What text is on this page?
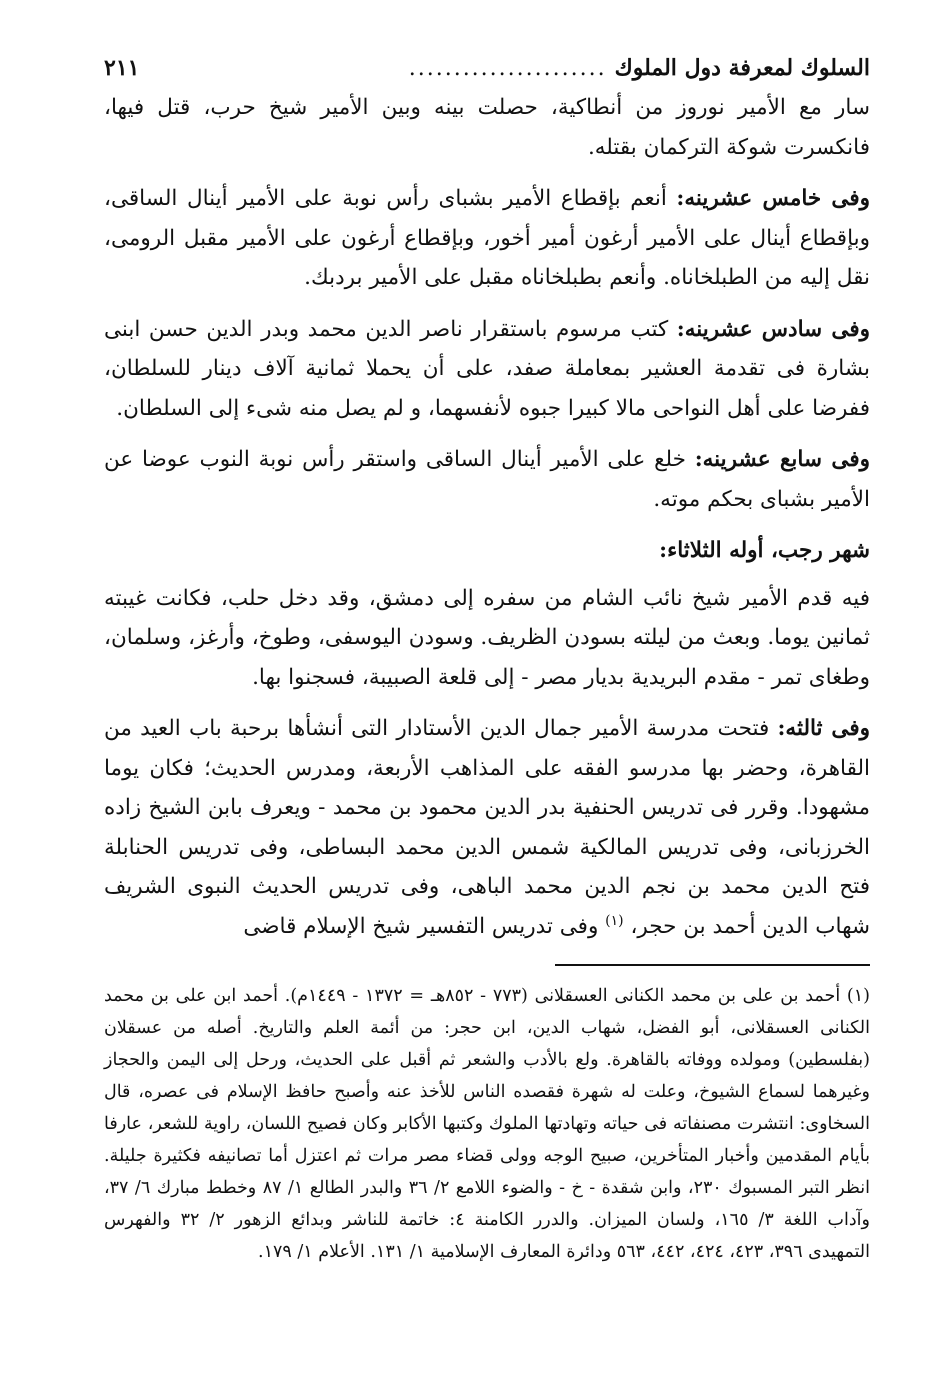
السلوك لمعرفة دول الملوك
......................
٢١١

سار مع الأمير نوروز من أنطاكية، حصلت بينه وبين الأمير شيخ حرب، قتل فيها، فانكسرت شوكة التركمان بقتله.

وفى خامس عشرينه: أنعم بإقطاع الأمير بشباى رأس نوبة على الأمير أينال الساقى، وبإقطاع أينال على الأمير أرغون أمير أخور، وبإقطاع أرغون على الأمير مقبل الرومى، نقل إليه من الطبلخاناه. وأنعم بطبلخاناه مقبل على الأمير بردبك.

وفى سادس عشرينه: كتب مرسوم باستقرار ناصر الدين محمد وبدر الدين حسن ابنى بشارة فى تقدمة العشير بمعاملة صفد، على أن يحملا ثمانية آلاف دينار للسلطان، ففرضا على أهل النواحى مالا كبيرا جبوه لأنفسهما، و لم يصل منه شىء إلى السلطان.

وفى سابع عشرينه: خلع على الأمير أينال الساقى واستقر رأس نوبة النوب عوضا عن الأمير بشباى بحكم موته.

شهر رجب، أوله الثلاثاء:

فيه قدم الأمير شيخ نائب الشام من سفره إلى دمشق، وقد دخل حلب، فكانت غيبته ثمانين يوما. وبعث من ليلته بسودن الظريف. وسودن اليوسفى، وطوخ، وأرغز، وسلمان، وطغاى تمر - مقدم البريدية بديار مصر - إلى قلعة الصبيبة، فسجنوا بها.

وفى ثالثه: فتحت مدرسة الأمير جمال الدين الأستادار التى أنشأها برحبة باب العيد من القاهرة، وحضر بها مدرسو الفقه على المذاهب الأربعة، ومدرس الحديث؛ فكان يوما مشهودا. وقرر فى تدريس الحنفية بدر الدين محمود بن محمد - ويعرف بابن الشيخ زاده الخرزبانى، وفى تدريس المالكية شمس الدين محمد البساطى، وفى تدريس الحنابلة فتح الدين محمد بن نجم الدين محمد الباهى، وفى تدريس الحديث النبوى الشريف شهاب الدين أحمد بن حجر، $^{(١)}$ وفى تدريس التفسير شيخ الإسلام قاضى

(١) أحمد بن على بن محمد الكنانى العسقلانى (٧٧٣ - ٨٥٢هـ = ١٣٧٢ - ١٤٤٩م). أحمد ابن على بن محمد الكنانى العسقلانى، أبو الفضل، شهاب الدين، ابن حجر: من أئمة العلم والتاريخ. أصله من عسقلان (بفلسطين) ومولده ووفاته بالقاهرة. ولع بالأدب والشعر ثم أقبل على الحديث، ورحل إلى اليمن والحجاز وغيرهما لسماع الشيوخ، وعلت له شهرة فقصده الناس للأخذ عنه وأصبح حافظ الإسلام فى عصره، قال السخاوى: انتشرت مصنفاته فى حياته وتهادتها الملوك وكتبها الأكابر وكان فصيح اللسان، راوية للشعر، عارفا بأيام المقدمين وأخبار المتأخرين، صبيح الوجه وولى قضاء مصر مرات ثم اعتزل أما تصانيفه فكثيرة جليلة. انظر التبر المسبوك ٢٣٠، وابن شقدة - خ - والضوء اللامع ٢/ ٣٦ والبدر الطالع ١/ ٨٧ وخطط مبارك ٦/ ٣٧، وآداب اللغة ٣/ ١٦٥، ولسان الميزان. والدرر الكامنة ٤: خاتمة للناشر وبدائع الزهور ٢/ ٣٢ والفهرس التمهيدى ٣٩٦، ٤٢٣، ٤٢٤، ٤٤٢، ٥٦٣ ودائرة المعارف الإسلامية ١/ ١٣١. الأعلام ١/ ١٧٩.
